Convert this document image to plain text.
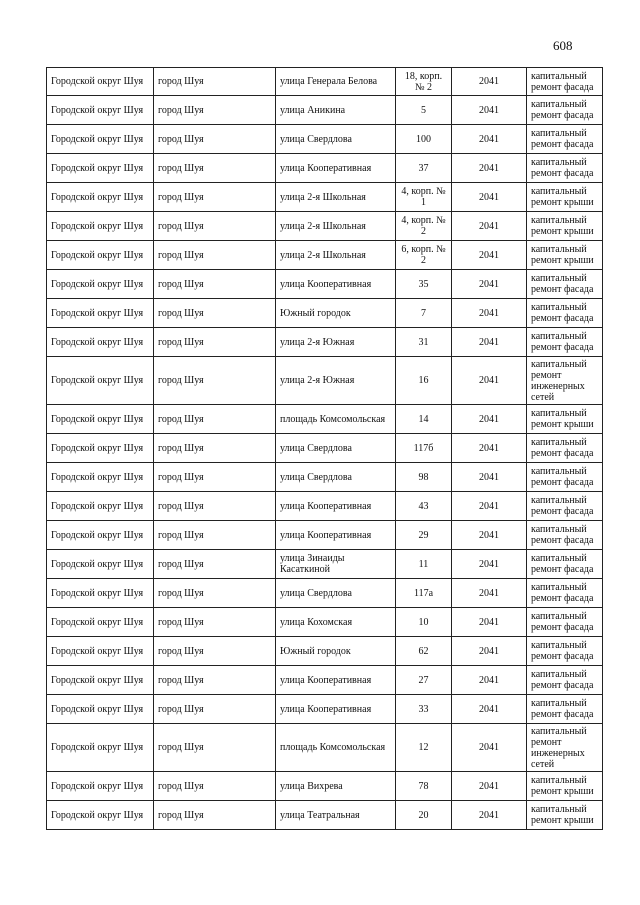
608
Городской округ Шуя	город Шуя	улица Генерала Белова	18, корп. № 2	2041	капитальный ремонт фасада
Городской округ Шуя	город Шуя	улица Аникина	5	2041	капитальный ремонт фасада
Городской округ Шуя	город Шуя	улица Свердлова	100	2041	капитальный ремонт фасада
Городской округ Шуя	город Шуя	улица Кооперативная	37	2041	капитальный ремонт фасада
Городской округ Шуя	город Шуя	улица 2-я Школьная	4, корп. № 1	2041	капитальный ремонт крыши
Городской округ Шуя	город Шуя	улица 2-я Школьная	4, корп. № 2	2041	капитальный ремонт крыши
Городской округ Шуя	город Шуя	улица 2-я Школьная	6, корп. № 2	2041	капитальный ремонт крыши
Городской округ Шуя	город Шуя	улица Кооперативная	35	2041	капитальный ремонт фасада
Городской округ Шуя	город Шуя	Южный городок	7	2041	капитальный ремонт фасада
Городской округ Шуя	город Шуя	улица 2-я Южная	31	2041	капитальный ремонт фасада
Городской округ Шуя	город Шуя	улица 2-я Южная	16	2041	капитальный ремонт инженерных сетей
Городской округ Шуя	город Шуя	площадь Комсомольская	14	2041	капитальный ремонт крыши
Городской округ Шуя	город Шуя	улица Свердлова	117б	2041	капитальный ремонт фасада
Городской округ Шуя	город Шуя	улица Свердлова	98	2041	капитальный ремонт фасада
Городской округ Шуя	город Шуя	улица Кооперативная	43	2041	капитальный ремонт фасада
Городской округ Шуя	город Шуя	улица Кооперативная	29	2041	капитальный ремонт фасада
Городской округ Шуя	город Шуя	улица Зинаиды Касаткиной	11	2041	капитальный ремонт фасада
Городской округ Шуя	город Шуя	улица Свердлова	117а	2041	капитальный ремонт фасада
Городской округ Шуя	город Шуя	улица Кохомская	10	2041	капитальный ремонт фасада
Городской округ Шуя	город Шуя	Южный городок	62	2041	капитальный ремонт фасада
Городской округ Шуя	город Шуя	улица Кооперативная	27	2041	капитальный ремонт фасада
Городской округ Шуя	город Шуя	улица Кооперативная	33	2041	капитальный ремонт фасада
Городской округ Шуя	город Шуя	площадь Комсомольская	12	2041	капитальный ремонт инженерных сетей
Городской округ Шуя	город Шуя	улица Вихрева	78	2041	капитальный ремонт крыши
Городской округ Шуя	город Шуя	улица Театральная	20	2041	капитальный ремонт крыши
